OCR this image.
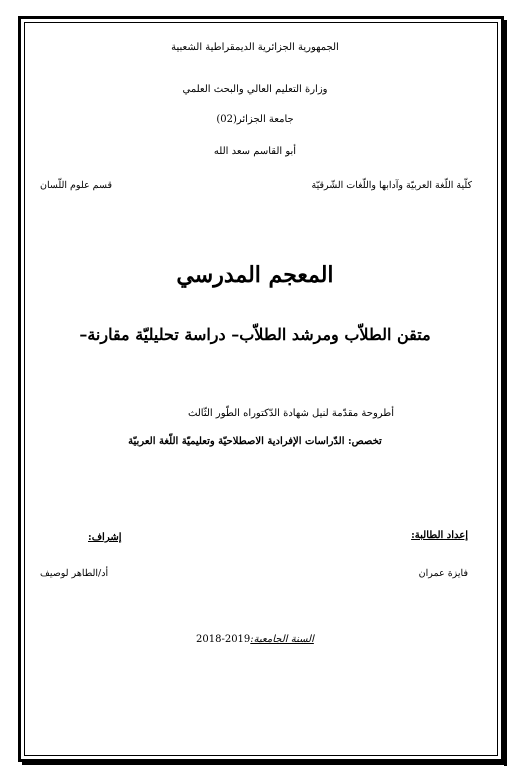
الجمهورية الجزائرية الديمقراطية الشعبية
وزارة التعليم العالي والبحث العلمي
جامعة الجزائر(02)
أبو القاسم سعد الله
كلّية اللّغة العربيّة وآدابها واللّغات الشّرقيّة
قسم علوم اللّسان
المعجم المدرسي
متقن الطلاّب ومرشد الطلاّب– دراسة تحليليّة مقارنة–
أطروحة مقدّمة لنيل شهادة الدّكتوراه الطّور الثّالث
تخصص: الدّراسات الإفرادية الاصطلاحيّة وتعليميّة اللّغة العربيّة
إعداد الطالبة:
إشراف:
فايزة عمران
أد/الطاهر لوصيف
السنة الجامعية:2018-2019
